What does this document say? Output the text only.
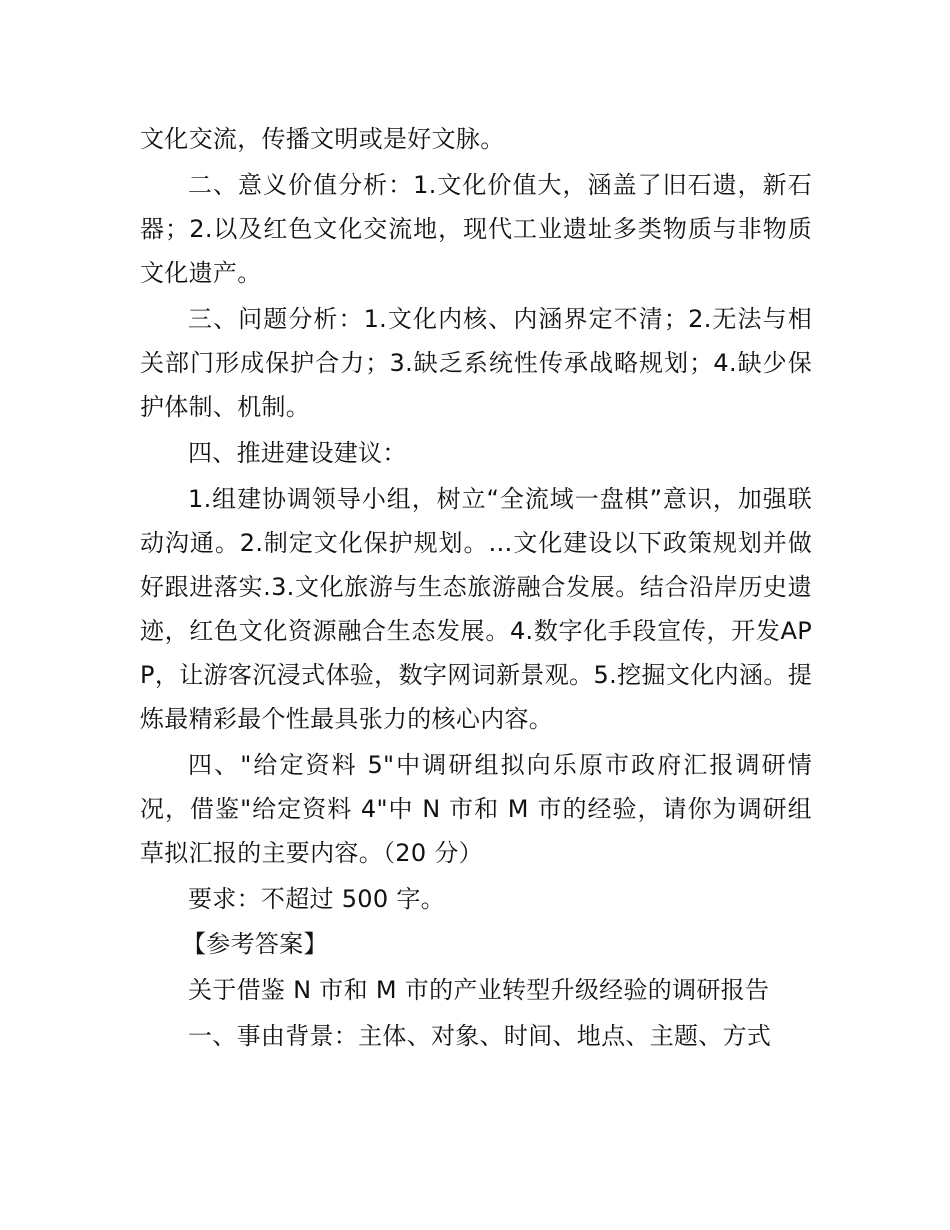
文化交流，传播文明或是好文脉。

二、意义价值分析：1.文化价值大，涵盖了旧石遗，新石器；2.以及红色文化交流地，现代工业遗址多类物质与非物质文化遗产。

三、问题分析：1.文化内核、内涵界定不清；2.无法与相关部门形成保护合力；3.缺乏系统性传承战略规划；4.缺少保护体制、机制。

四、推进建设建议：

1.组建协调领导小组，树立“全流域一盘棋”意识，加强联动沟通。2.制定文化保护规划。…文化建设以下政策规划并做好跟进落实.3.文化旅游与生态旅游融合发展。结合沿岸历史遗迹，红色文化资源融合生态发展。4.数字化手段宣传，开发APP，让游客沉浸式体验，数字网词新景观。5.挖掘文化内涵。提炼最精彩最个性最具张力的核心内容。

四、"给定资料 5"中调研组拟向乐原市政府汇报调研情况，借鉴"给定资料 4"中 N 市和 M 市的经验，请你为调研组草拟汇报的主要内容。（20 分）

要求：不超过 500 字。

【参考答案】

关于借鉴 N 市和 M 市的产业转型升级经验的调研报告

一、事由背景：主体、对象、时间、地点、主题、方式
